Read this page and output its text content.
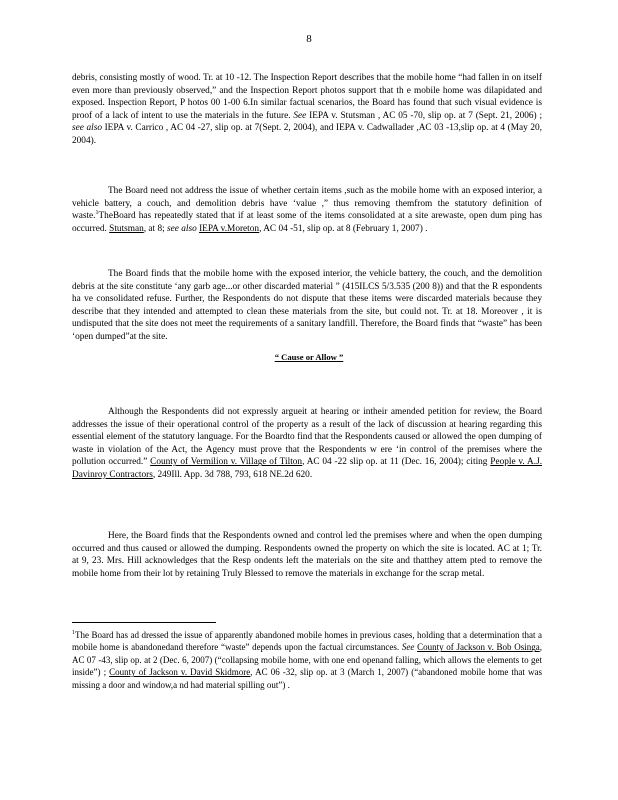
8
debris, consisting mostly of wood. Tr. at 10 -12. The Inspection Report describes that the mobile home “had fallen in on itself even more than previously observed,” and the Inspection Report photos support that th e mobile home was dilapidated and exposed. Inspection Report, P hotos 00 1-00 6.In similar factual scenarios, the Board has found that such visual evidence is proof of a lack of intent to use the materials in the future. See IEPA v. Stutsman , AC 05 -70, slip op. at 7 (Sept. 21, 2006) ; see also IEPA v. Carrico , AC 04 -27, slip op. at 7(Sept. 2, 2004), and IEPA v. Cadwallader ,AC 03 -13,slip op. at 4 (May 20, 2004).
The Board need not address the issue of whether certain items ,such as the mobile home with an exposed interior, a vehicle battery, a couch, and demolition debris have ‘value ,” thus removing themfrom the statutory definition of waste.$^1$TheBoard has repeatedly stated that if at least some of the items consolidated at a site arewaste, open dum ping has occurred. Stutsman, at 8; see also IEPA v.Moreton, AC 04 -51, slip op. at 8 (February 1, 2007) .
The Board finds that the mobile home with the exposed interior, the vehicle battery, the couch, and the demolition debris at the site constitute ‘any garb age...or other discarded material ” (415ILCS 5/3.535 (200 8)) and that the R espondents ha ve consolidated refuse. Further, the Respondents do not dispute that these items were discarded materials because they describe that they intended and attempted to clean these materials from the site, but could not. Tr. at 18. Moreover , it is undisputed that the site does not meet the requirements of a sanitary landfill. Therefore, the Board finds that “waste” has been ‘open dumped”at the site.
“ Cause or Allow ”
Although the Respondents did not expressly argueit at hearing or intheir amended petition for review, the Board addresses the issue of their operational control of the property as a result of the lack of discussion at hearing regarding this essential element of the statutory language. For the Boardto find that the Respondents caused or allowed the open dumping of waste in violation of the Act, the Agency must prove that the Respondents w ere ‘in control of the premises where the pollution occurred.” County of Vermilion v. Village of Tilton, AC 04 -22 slip op. at 11 (Dec. 16, 2004); citing People v. A.J. Davinroy Contractors, 249Ill. App. 3d 788, 793, 618 NE.2d 620.
Here, the Board finds that the Respondents owned and control led the premises where and when the open dumping occurred and thus caused or allowed the dumping. Respondents owned the property on which the site is located. AC at 1; Tr. at 9, 23. Mrs. Hill acknowledges that the Resp ondents left the materials on the site and thatthey attem pted to remove the mobile home from their lot by retaining Truly Blessed to remove the materials in exchange for the scrap metal.
$^1$The Board has ad dressed the issue of apparently abandoned mobile homes in previous cases, holding that a determination that a mobile home is abandonedand therefore “waste” depends upon the factual circumstances. See County of Jackson v. Bob Osinga, AC 07 -43, slip op. at 2 (Dec. 6, 2007) (“collapsing mobile home, with one end openand falling, which allows the elements to get inside”) ; County of Jackson v. David Skidmore, AC 06 -32, slip op. at 3 (March 1, 2007) (“abandoned mobile home that was missing a door and window,a nd had material spilling out”) .
